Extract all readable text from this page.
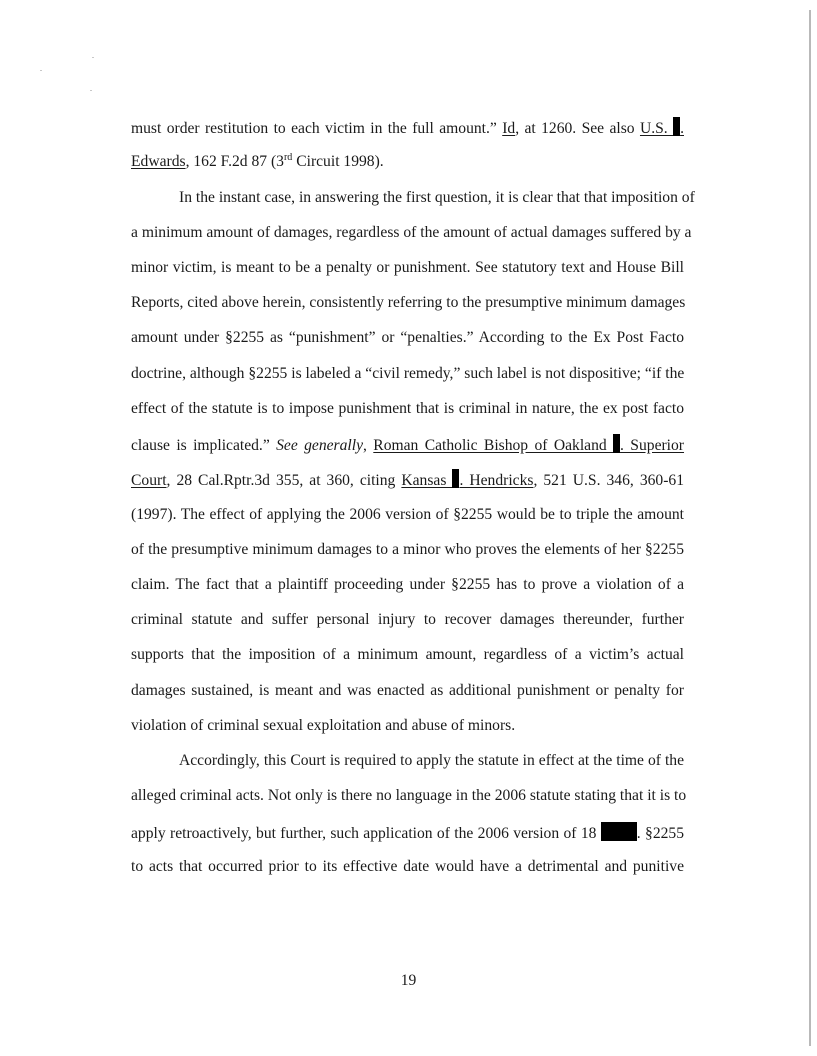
must order restitution to each victim in the full amount.” Id, at 1260. See also U.S. .
Edwards, 162 F.2d 87 (3rd Circuit 1998).
In the instant case, in answering the first question, it is clear that that imposition of
a minimum amount of damages, regardless of the amount of actual damages suffered by a
minor victim, is meant to be a penalty or punishment. See statutory text and House Bill
Reports, cited above herein, consistently referring to the presumptive minimum damages
amount under §2255 as “punishment” or “penalties.” According to the Ex Post Facto
doctrine, although §2255 is labeled a “civil remedy,” such label is not dispositive; “if the
effect of the statute is to impose punishment that is criminal in nature, the ex post facto
clause is implicated.” See generally, Roman Catholic Bishop of Oakland . Superior
Court, 28 Cal.Rptr.3d 355, at 360, citing Kansas . Hendricks, 521 U.S. 346, 360-61
(1997). The effect of applying the 2006 version of §2255 would be to triple the amount
of the presumptive minimum damages to a minor who proves the elements of her §2255
claim. The fact that a plaintiff proceeding under §2255 has to prove a violation of a
criminal statute and suffer personal injury to recover damages thereunder, further
supports that the imposition of a minimum amount, regardless of a victim’s actual
damages sustained, is meant and was enacted as additional punishment or penalty for
violation of criminal sexual exploitation and abuse of minors.
Accordingly, this Court is required to apply the statute in effect at the time of the
alleged criminal acts. Not only is there no language in the 2006 statute stating that it is to
apply retroactively, but further, such application of the 2006 version of 18 . §2255
to acts that occurred prior to its effective date would have a detrimental and punitive
19
